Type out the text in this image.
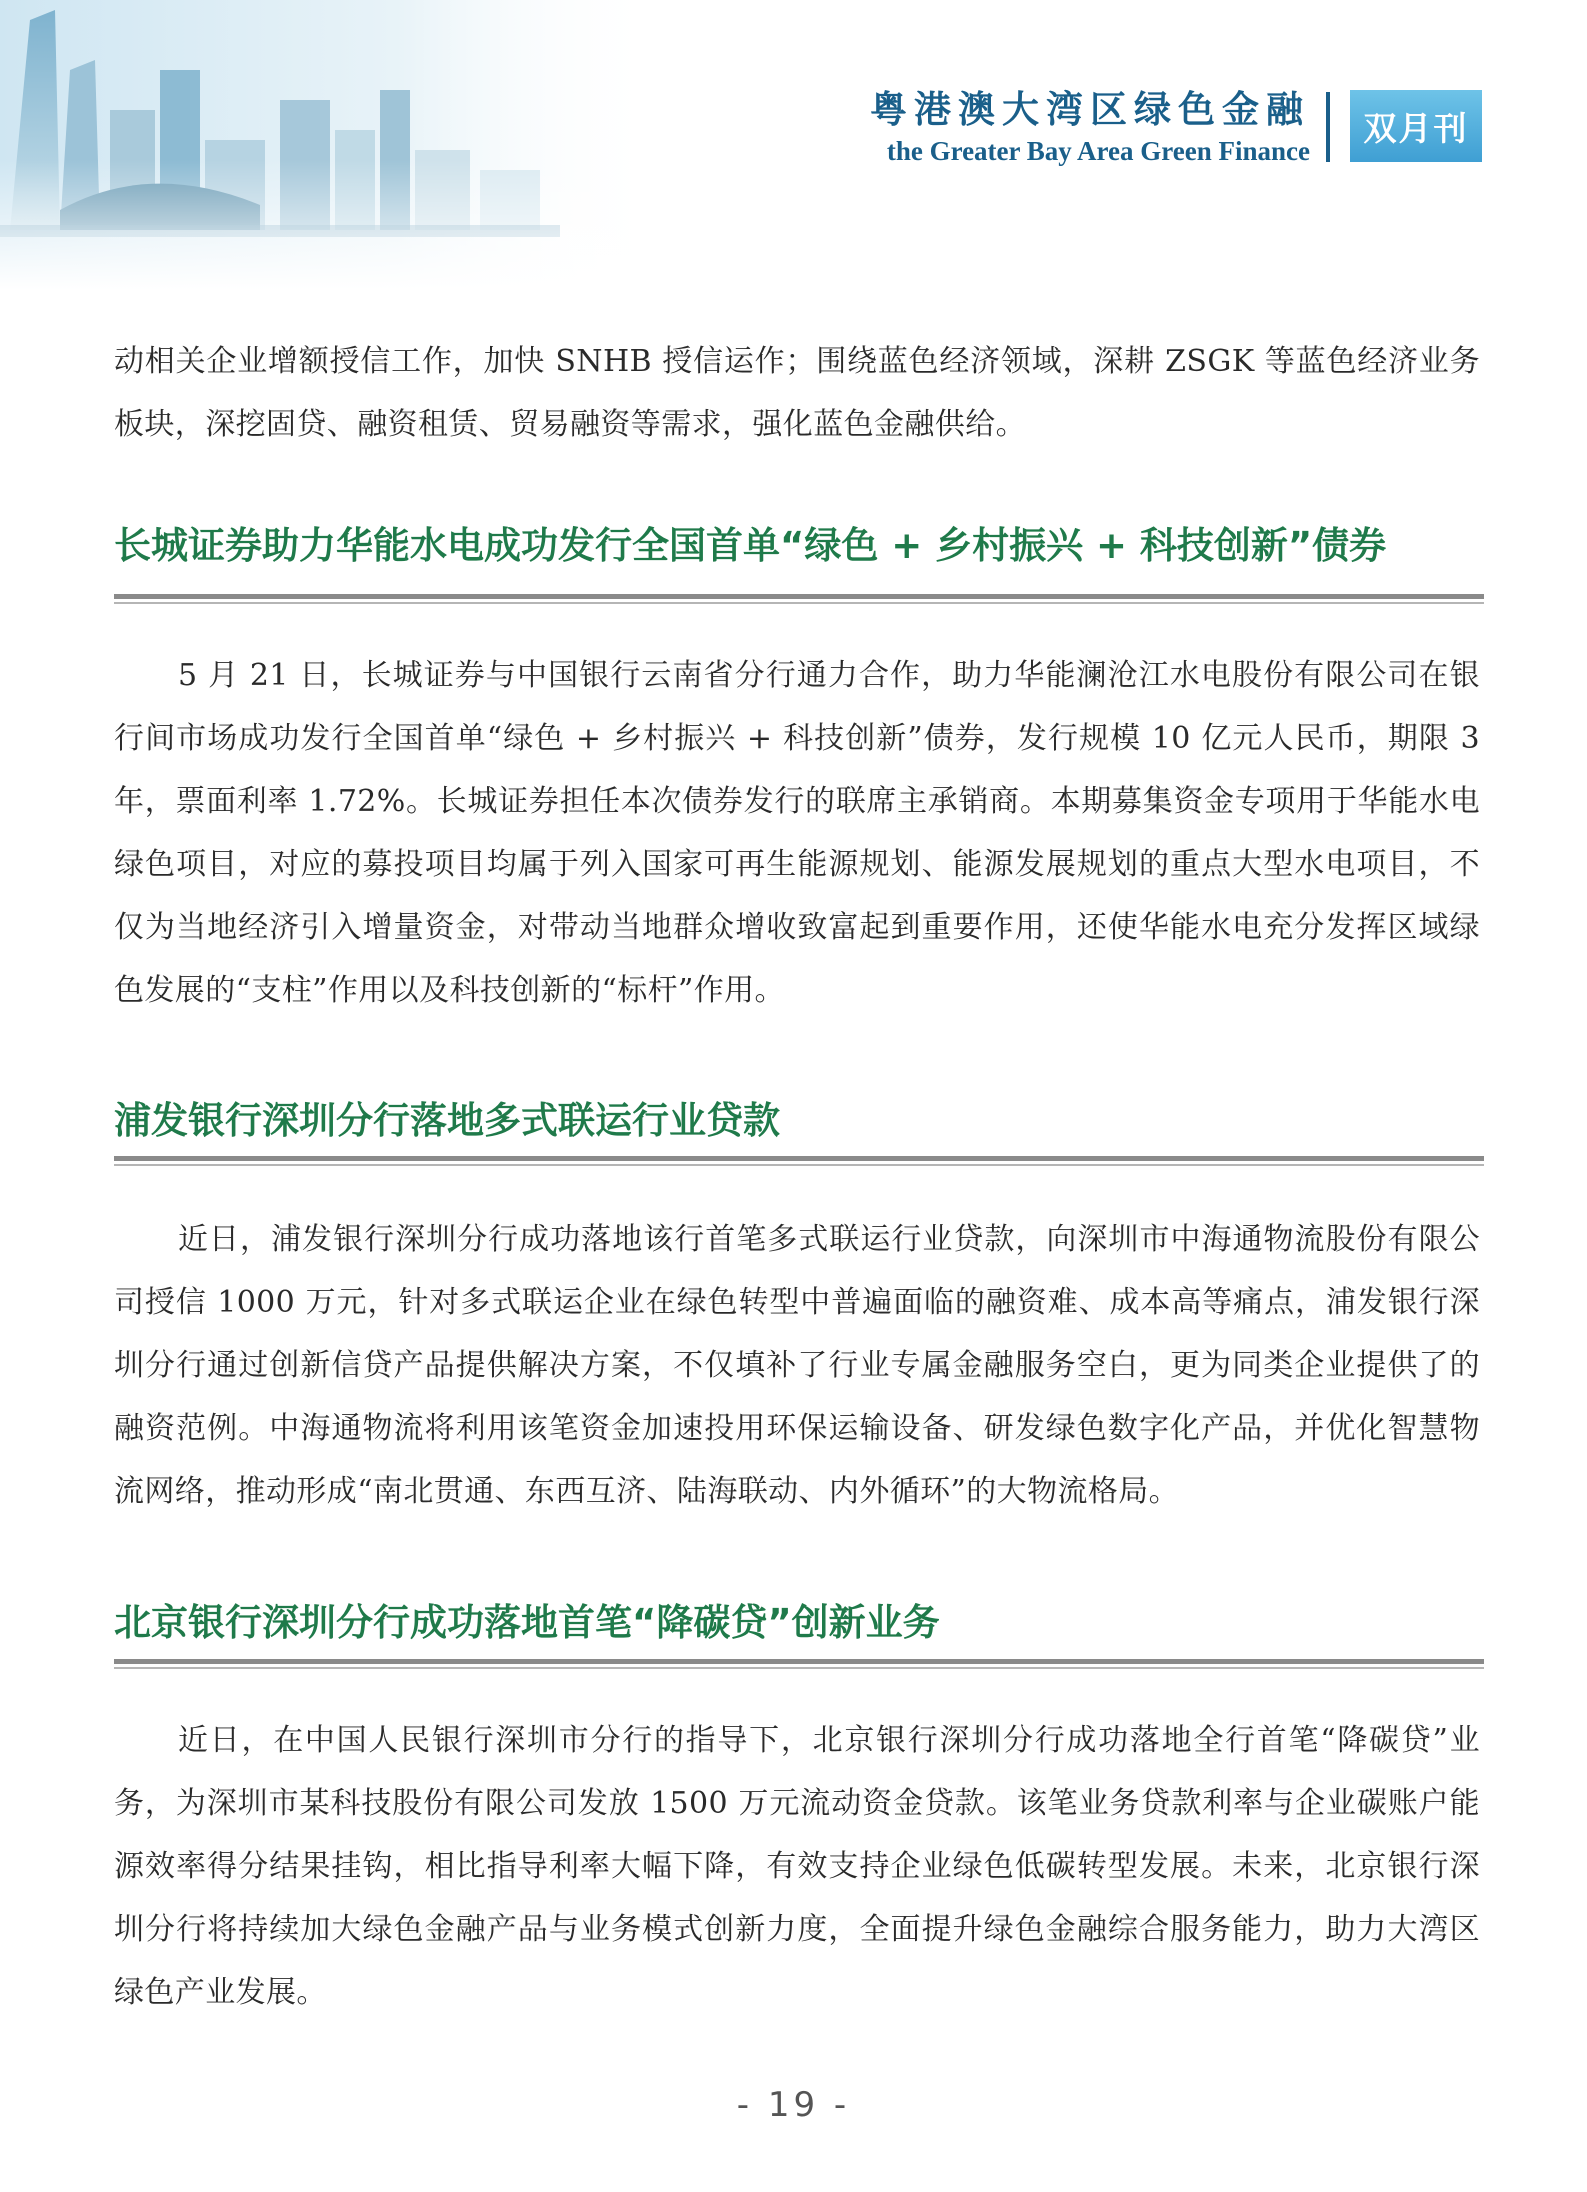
粤港澳大湾区绿色金融
the Greater Bay Area Green Finance
双月刊
动相关企业增额授信工作，加快 SNHB 授信运作；围绕蓝色经济领域，深耕 ZSGK 等蓝色经济业务板块，深挖固贷、融资租赁、贸易融资等需求，强化蓝色金融供给。
长城证券助力华能水电成功发行全国首单“绿色 + 乡村振兴 + 科技创新”债券
5 月 21 日，长城证券与中国银行云南省分行通力合作，助力华能澜沧江水电股份有限公司在银行间市场成功发行全国首单“绿色 + 乡村振兴 + 科技创新”债券，发行规模 10 亿元人民币，期限 3 年，票面利率 1.72%。长城证券担任本次债券发行的联席主承销商。本期募集资金专项用于华能水电绿色项目，对应的募投项目均属于列入国家可再生能源规划、能源发展规划的重点大型水电项目，不仅为当地经济引入增量资金，对带动当地群众增收致富起到重要作用，还使华能水电充分发挥区域绿色发展的“支柱”作用以及科技创新的“标杆”作用。
浦发银行深圳分行落地多式联运行业贷款
近日，浦发银行深圳分行成功落地该行首笔多式联运行业贷款，向深圳市中海通物流股份有限公司授信 1000 万元，针对多式联运企业在绿色转型中普遍面临的融资难、成本高等痛点，浦发银行深圳分行通过创新信贷产品提供解决方案，不仅填补了行业专属金融服务空白，更为同类企业提供了的融资范例。中海通物流将利用该笔资金加速投用环保运输设备、研发绿色数字化产品，并优化智慧物流网络，推动形成“南北贯通、东西互济、陆海联动、内外循环”的大物流格局。
北京银行深圳分行成功落地首笔“降碳贷”创新业务
近日，在中国人民银行深圳市分行的指导下，北京银行深圳分行成功落地全行首笔“降碳贷”业务，为深圳市某科技股份有限公司发放 1500 万元流动资金贷款。该笔业务贷款利率与企业碳账户能源效率得分结果挂钩，相比指导利率大幅下降，有效支持企业绿色低碳转型发展。未来，北京银行深圳分行将持续加大绿色金融产品与业务模式创新力度，全面提升绿色金融综合服务能力，助力大湾区绿色产业发展。
- 19 -
